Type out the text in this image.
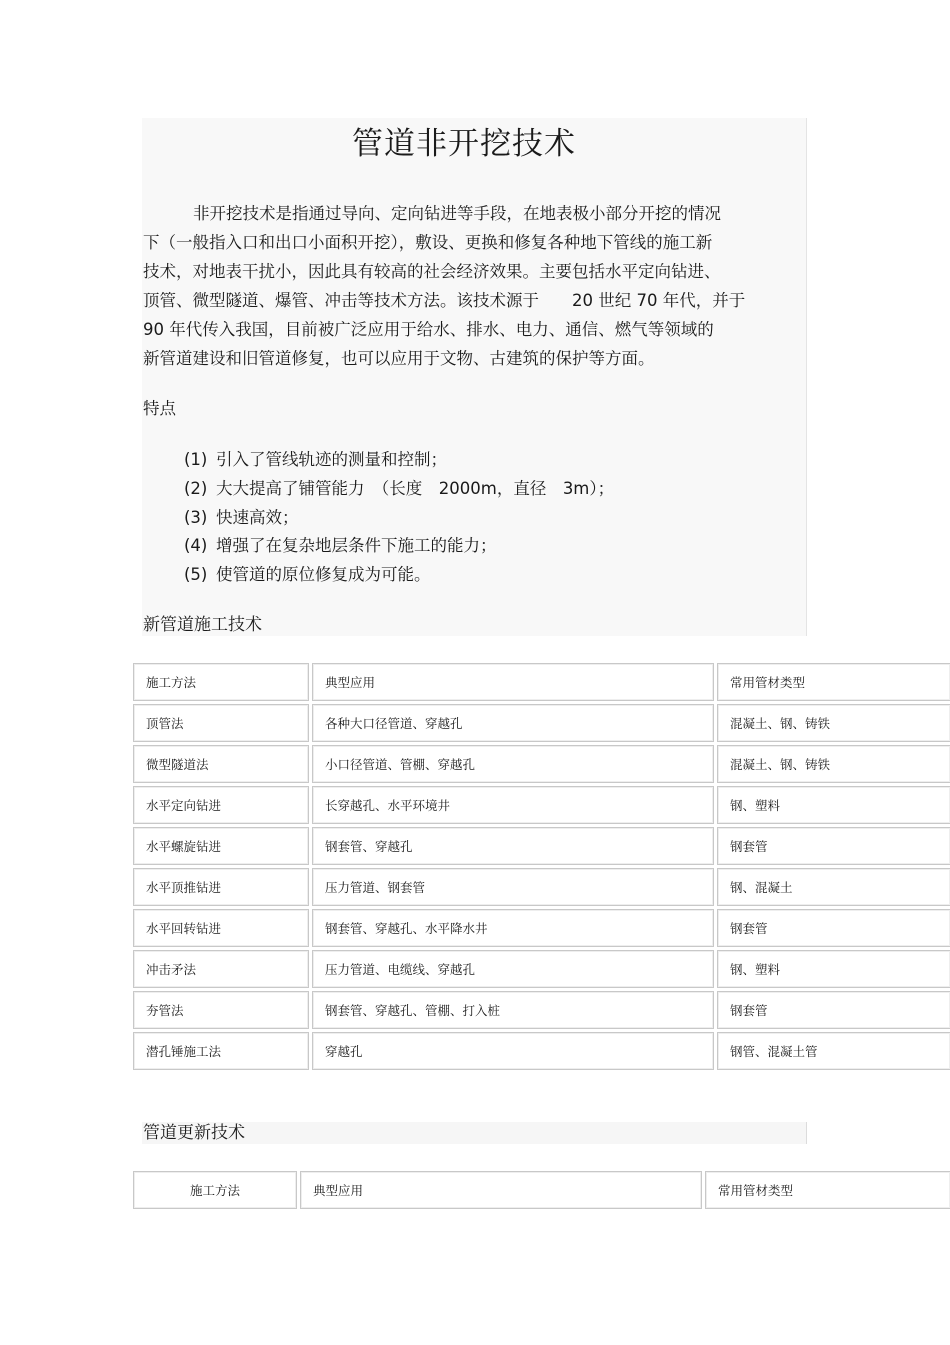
管道非开挖技术
非开挖技术是指通过导向、定向钻进等手段，在地表极小部分开挖的情况
下（一般指入口和出口小面积开挖），敷设、更换和修复各种地下管线的施工新
技术，对地表干扰小，因此具有较高的社会经济效果。主要包括水平定向钻进、
顶管、微型隧道、爆管、冲击等技术方法。该技术源于　　20 世纪 70 年代，并于
90 年代传入我国，目前被广泛应用于给水、排水、电力、通信、燃气等领域的
新管道建设和旧管道修复，也可以应用于文物、古建筑的保护等方面。
特点
(1) 引入了管线轨迹的测量和控制；
(2) 大大提高了铺管能力　（长度　2000m，直径　3m）；
(3) 快速高效；
(4) 增强了在复杂地层条件下施工的能力；
(5) 使管道的原位修复成为可能。
新管道施工技术
施工方法	典型应用	常用管材类型
顶管法	各种大口径管道、穿越孔	混凝土、钢、铸铁
微型隧道法	小口径管道、管棚、穿越孔	混凝土、钢、铸铁
水平定向钻进	长穿越孔、水平环境井	钢、塑料
水平螺旋钻进	钢套管、穿越孔	钢套管
水平顶推钻进	压力管道、钢套管	钢、混凝土
水平回转钻进	钢套管、穿越孔、水平降水井	钢套管
冲击矛法	压力管道、电缆线、穿越孔	钢、塑料
夯管法	钢套管、穿越孔、管棚、打入桩	钢套管
潜孔锤施工法	穿越孔	钢管、混凝土管
管道更新技术
施工方法	典型应用	常用管材类型
